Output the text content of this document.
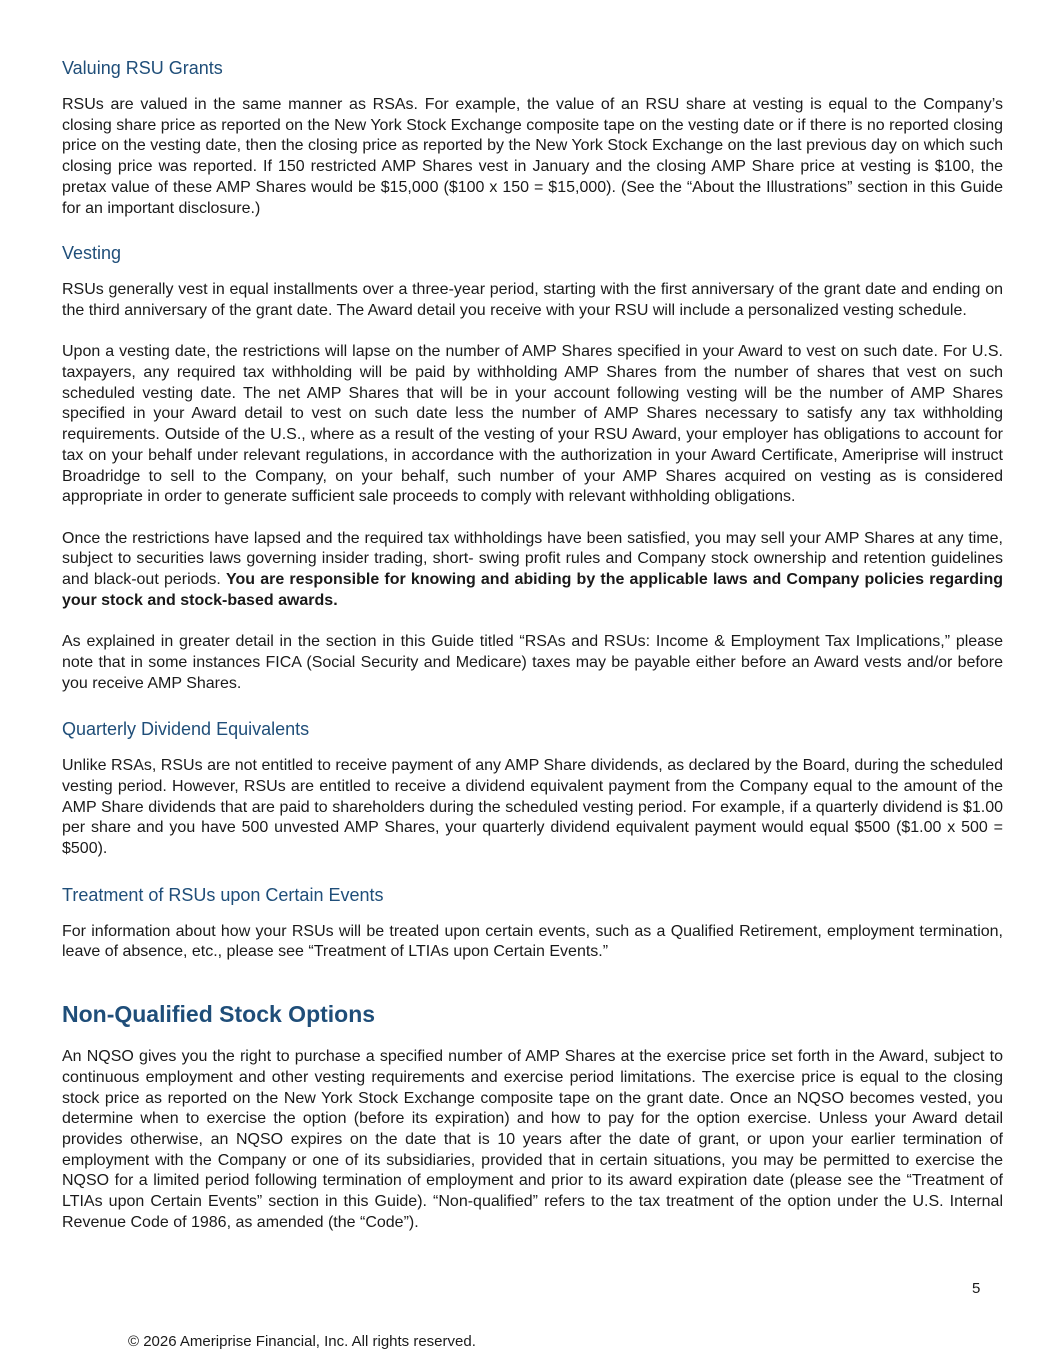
Valuing RSU Grants

RSUs are valued in the same manner as RSAs. For example, the value of an RSU share at vesting is equal to the Company’s closing share price as reported on the New York Stock Exchange composite tape on the vesting date or if there is no reported closing price on the vesting date, then the closing price as reported by the New York Stock Exchange on the last previous day on which such closing price was reported. If 150 restricted AMP Shares vest in January and the closing AMP Share price at vesting is $100, the pretax value of these AMP Shares would be $15,000 ($100 x 150 = $15,000). (See the “About the Illustrations” section in this Guide for an important disclosure.)

Vesting

RSUs generally vest in equal installments over a three-year period, starting with the first anniversary of the grant date and ending on the third anniversary of the grant date. The Award detail you receive with your RSU will include a personalized vesting schedule.

Upon a vesting date, the restrictions will lapse on the number of AMP Shares specified in your Award to vest on such date. For U.S. taxpayers, any required tax withholding will be paid by withholding AMP Shares from the number of shares that vest on such scheduled vesting date. The net AMP Shares that will be in your account following vesting will be the number of AMP Shares specified in your Award detail to vest on such date less the number of AMP Shares necessary to satisfy any tax withholding requirements. Outside of the U.S., where as a result of the vesting of your RSU Award, your employer has obligations to account for tax on your behalf under relevant regulations, in accordance with the authorization in your Award Certificate, Ameriprise will instruct Broadridge to sell to the Company, on your behalf, such number of your AMP Shares acquired on vesting as is considered appropriate in order to generate sufficient sale proceeds to comply with relevant withholding obligations.

Once the restrictions have lapsed and the required tax withholdings have been satisfied, you may sell your AMP Shares at any time, subject to securities laws governing insider trading, short- swing profit rules and Company stock ownership and retention guidelines and black-out periods. You are responsible for knowing and abiding by the applicable laws and Company policies regarding your stock and stock-based awards.

As explained in greater detail in the section in this Guide titled “RSAs and RSUs: Income & Employment Tax Implications,” please note that in some instances FICA (Social Security and Medicare) taxes may be payable either before an Award vests and/or before you receive AMP Shares.

Quarterly Dividend Equivalents

Unlike RSAs, RSUs are not entitled to receive payment of any AMP Share dividends, as declared by the Board, during the scheduled vesting period. However, RSUs are entitled to receive a dividend equivalent payment from the Company equal to the amount of the AMP Share dividends that are paid to shareholders during the scheduled vesting period. For example, if a quarterly dividend is $1.00 per share and you have 500 unvested AMP Shares, your quarterly dividend equivalent payment would equal $500 ($1.00 x 500 = $500).

Treatment of RSUs upon Certain Events

For information about how your RSUs will be treated upon certain events, such as a Qualified Retirement, employment termination, leave of absence, etc., please see “Treatment of LTIAs upon Certain Events.”

Non-Qualified Stock Options

An NQSO gives you the right to purchase a specified number of AMP Shares at the exercise price set forth in the Award, subject to continuous employment and other vesting requirements and exercise period limitations. The exercise price is equal to the closing stock price as reported on the New York Stock Exchange composite tape on the grant date. Once an NQSO becomes vested, you determine when to exercise the option (before its expiration) and how to pay for the option exercise. Unless your Award detail provides otherwise, an NQSO expires on the date that is 10 years after the date of grant, or upon your earlier termination of employment with the Company or one of its subsidiaries, provided that in certain situations, you may be permitted to exercise the NQSO for a limited period following termination of employment and prior to its award expiration date (please see the “Treatment of LTIAs upon Certain Events” section in this Guide). “Non-qualified” refers to the tax treatment of the option under the U.S. Internal Revenue Code of 1986, as amended (the “Code”).

5
© 2026 Ameriprise Financial, Inc. All rights reserved.
